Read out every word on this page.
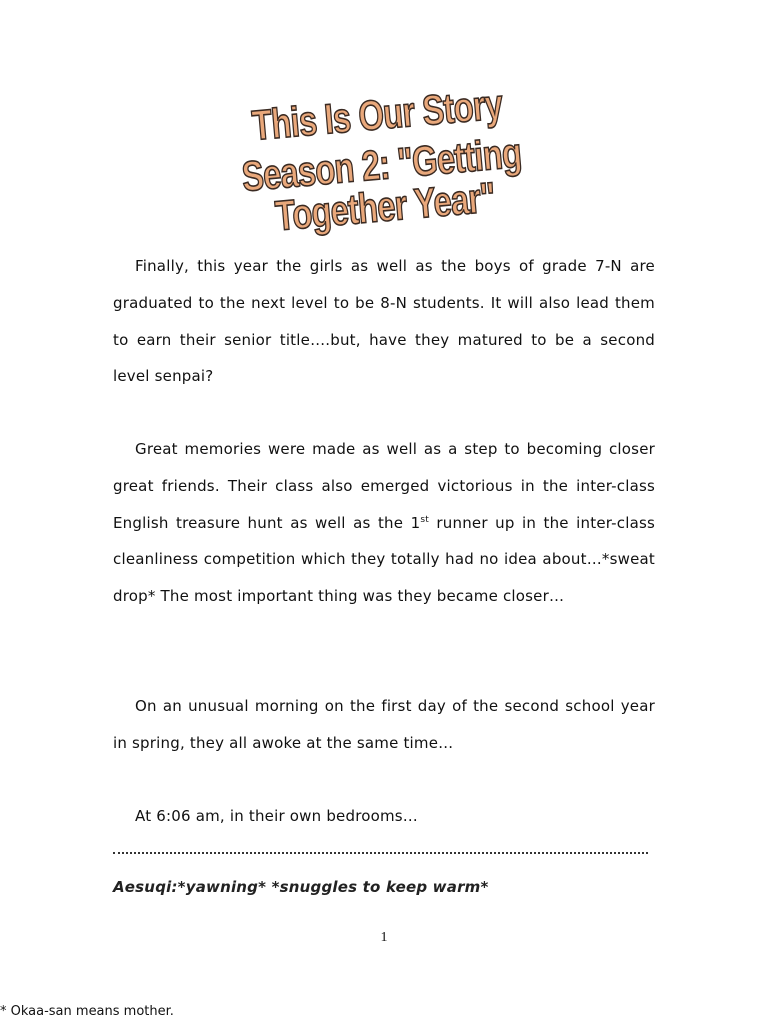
This Is Our Story
Season 2: "Getting Together Year"

Finally, this year the girls as well as the boys of grade 7-N are graduated to the next level to be 8-N students. It will also lead them to earn their senior title….but, have they matured to be a second level senpai?

Great memories were made as well as a step to becoming closer great friends. Their class also emerged victorious in the inter-class English treasure hunt as well as the 1st runner up in the inter-class cleanliness competition which they totally had no idea about…*sweat drop* The most important thing was they became closer…

On an unusual morning on the first day of the second school year in spring, they all awoke at the same time…

At 6:06 am, in their own bedrooms…

Aesuqi:*yawning* *snuggles to keep warm*
1
* Okaa-san means mother.
